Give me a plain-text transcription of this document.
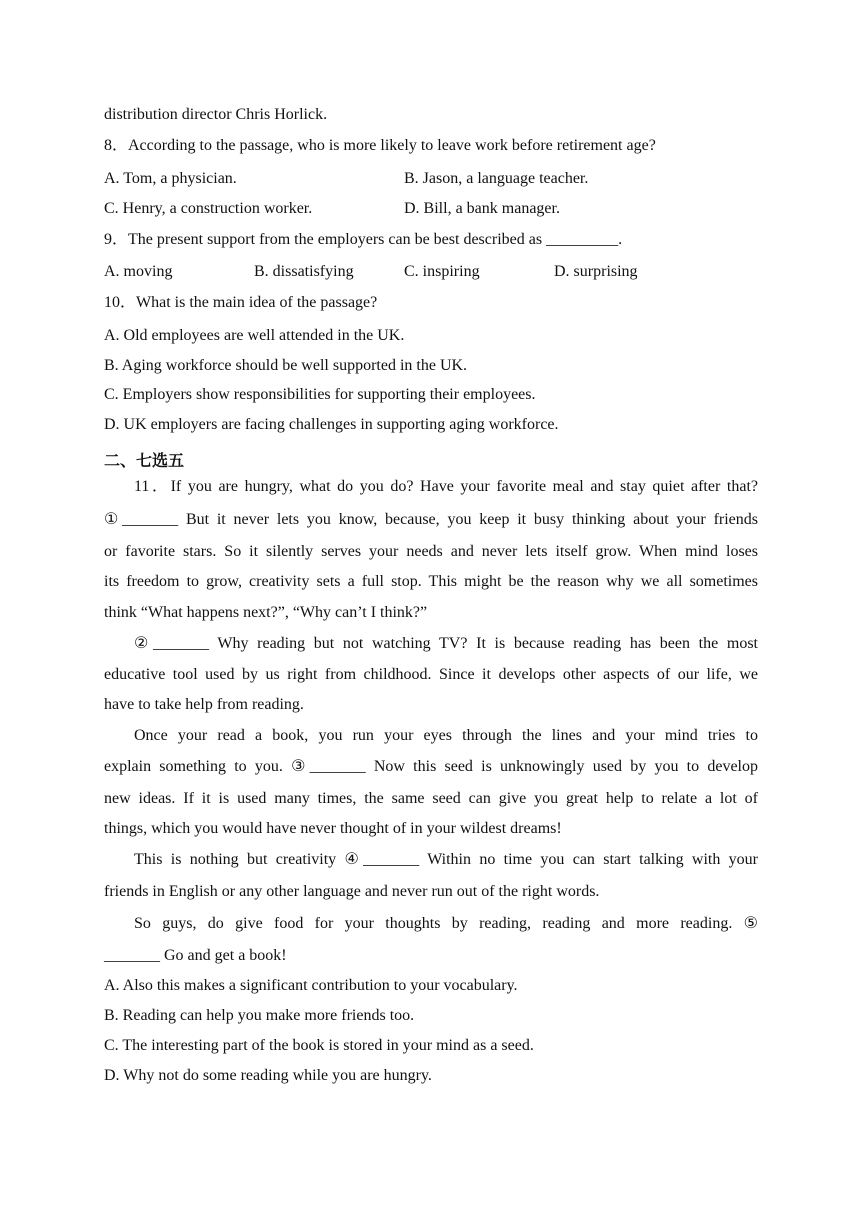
distribution director Chris Horlick.
8．According to the passage, who is more likely to leave work before retirement age?
A. Tom, a physician.	B. Jason, a language teacher.
C. Henry, a construction worker.	D. Bill, a bank manager.
9．The present support from the employers can be best described as _________.
A. moving	B. dissatisfying	C. inspiring	D. surprising
10．What is the main idea of the passage?
A. Old employees are well attended in the UK.
B. Aging workforce should be well supported in the UK.
C. Employers show responsibilities for supporting their employees.
D. UK employers are facing challenges in supporting aging workforce.
二、七选五
11．If you are hungry, what do you do? Have your favorite meal and stay quiet after that?
①_______ But it never lets you know, because, you keep it busy thinking about your friends
or favorite stars. So it silently serves your needs and never lets itself grow. When mind loses
its freedom to grow, creativity sets a full stop. This might be the reason why we all sometimes
think “What happens next?”, “Why can’t I think?”
②_______ Why reading but not watching TV? It is because reading has been the most
educative tool used by us right from childhood. Since it develops other aspects of our life, we
have to take help from reading.
Once your read a book, you run your eyes through the lines and your mind tries to
explain something to you. ③_______ Now this seed is unknowingly used by you to develop
new ideas. If it is used many times, the same seed can give you great help to relate a lot of
things, which you would have never thought of in your wildest dreams!
This is nothing but creativity ④_______ Within no time you can start talking with your
friends in English or any other language and never run out of the right words.
So guys, do give food for your thoughts by reading, reading and more reading. ⑤
_______ Go and get a book!
A. Also this makes a significant contribution to your vocabulary.
B. Reading can help you make more friends too.
C. The interesting part of the book is stored in your mind as a seed.
D. Why not do some reading while you are hungry.
